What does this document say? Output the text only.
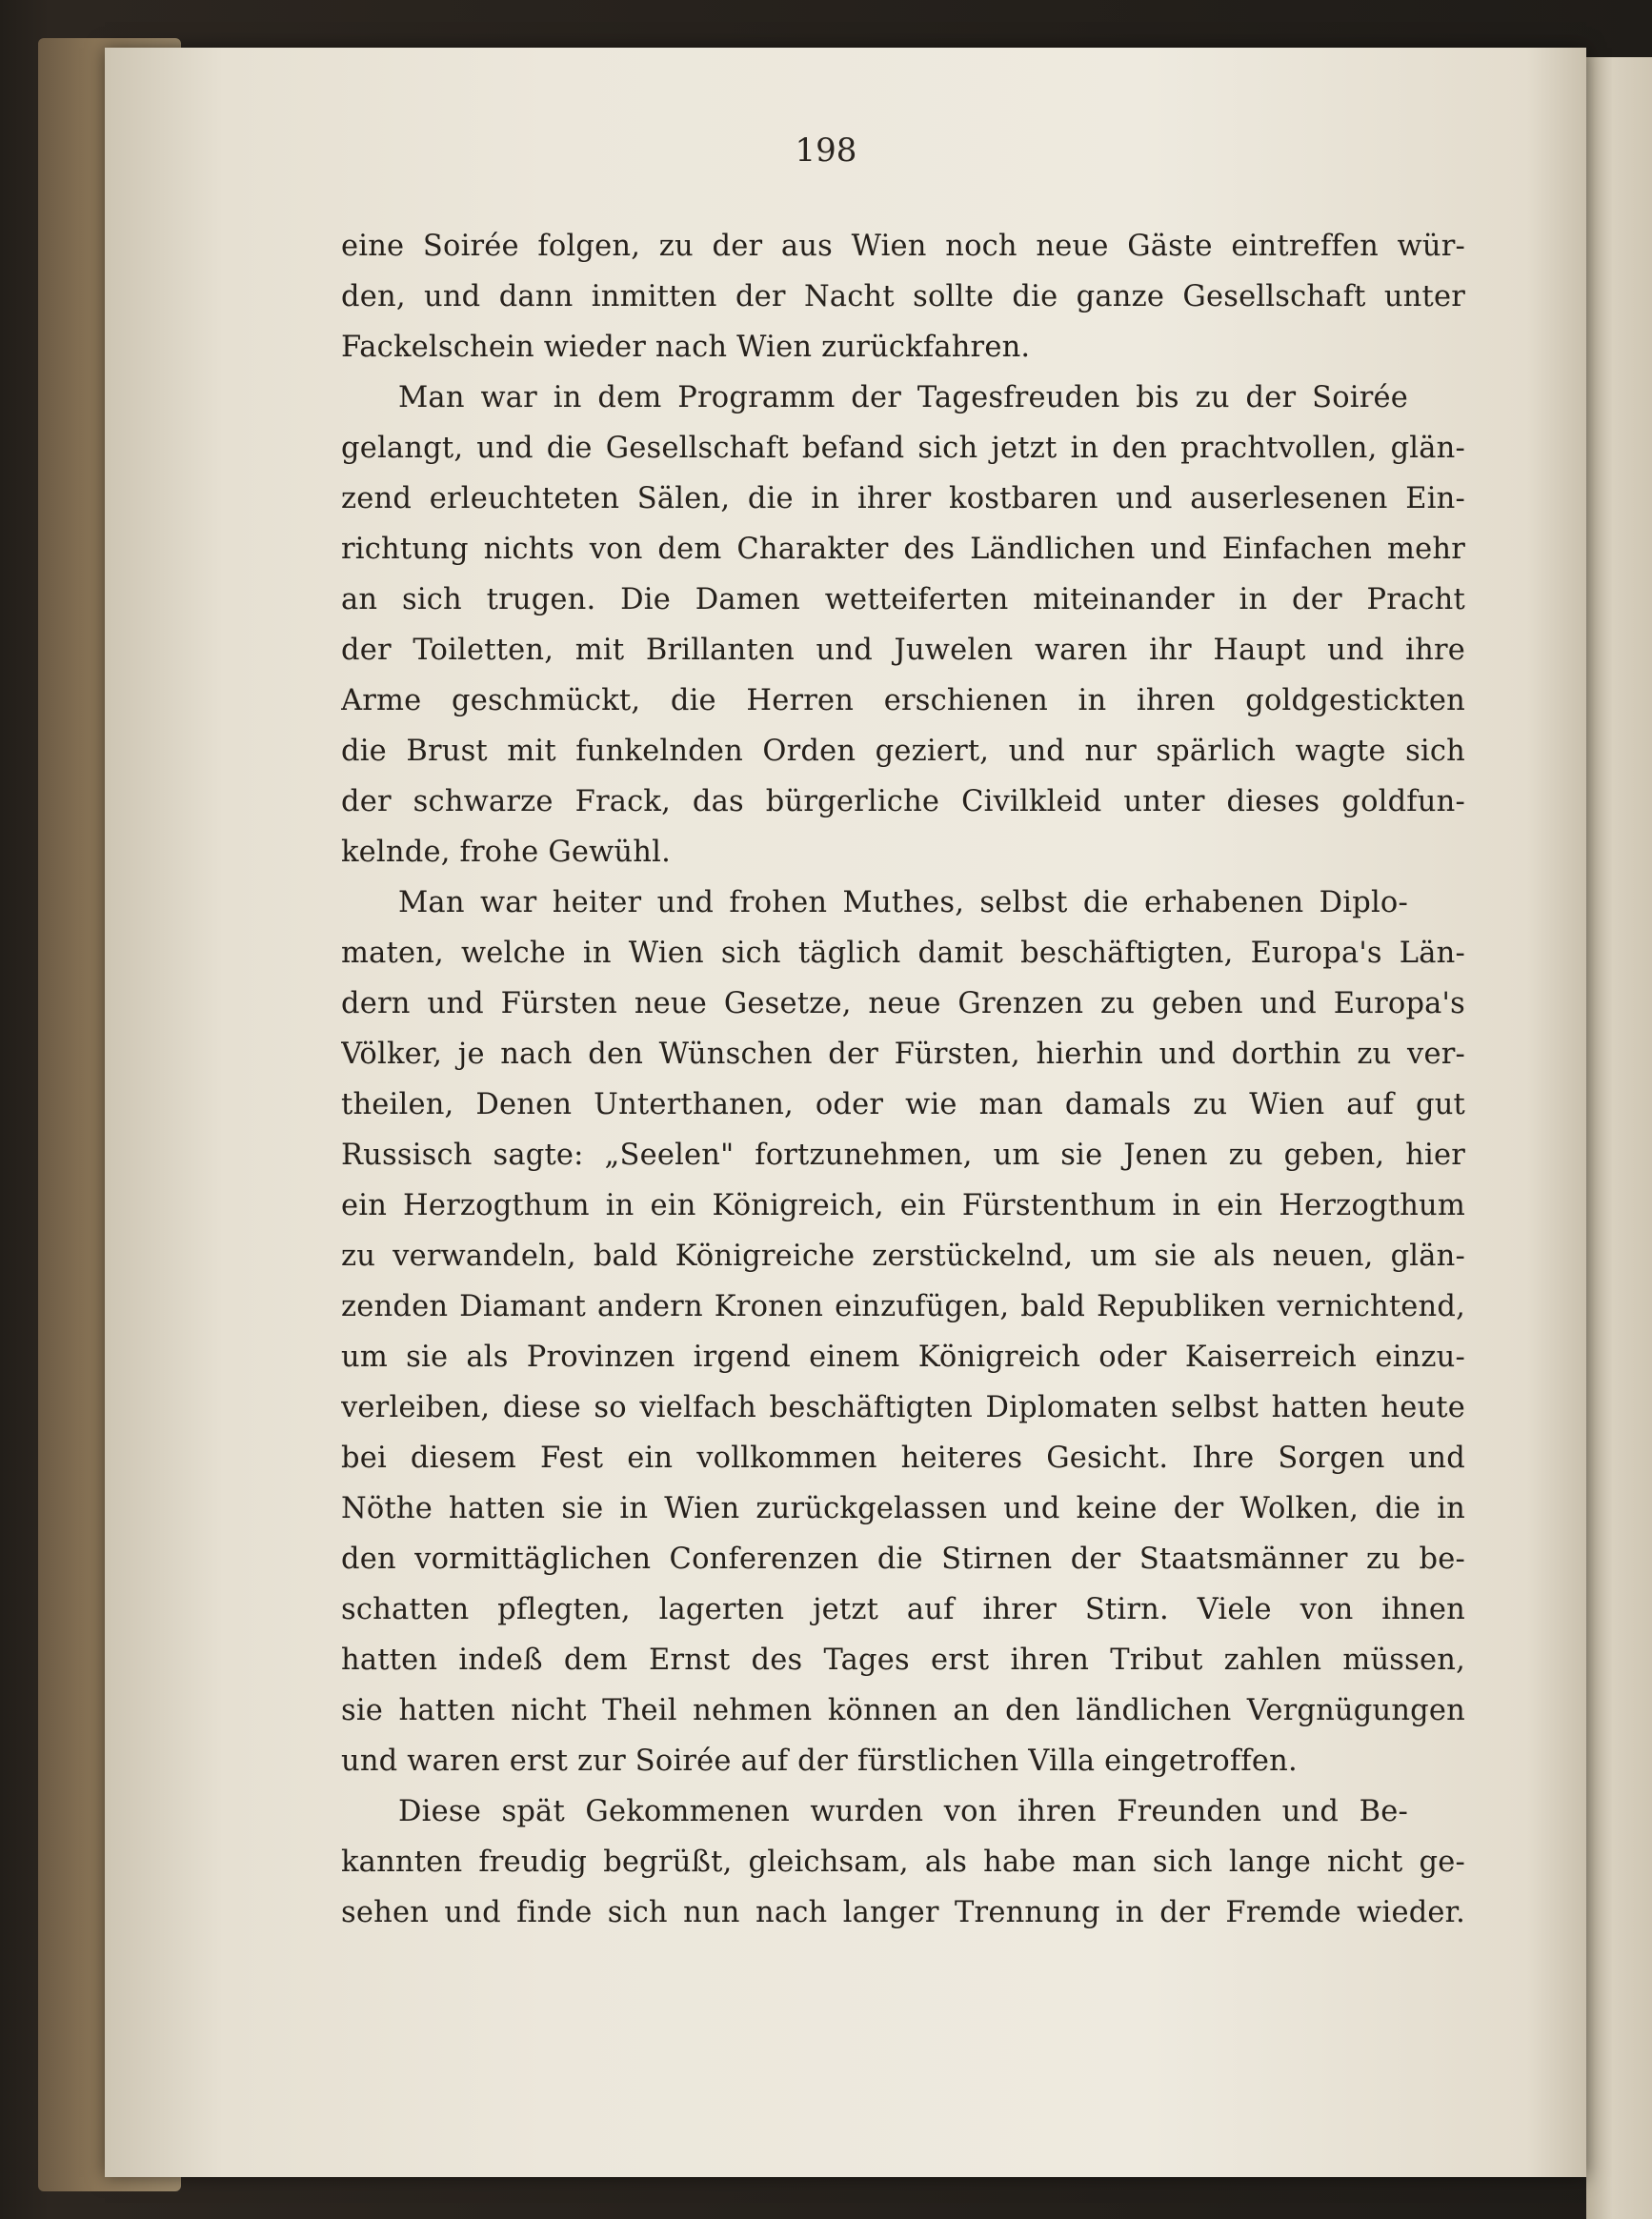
198
eine Soirée folgen, zu der aus Wien noch neue Gäste eintreffen wür-
den, und dann inmitten der Nacht sollte die ganze Gesellschaft unter
Fackelschein wieder nach Wien zurückfahren.
Man war in dem Programm der Tagesfreuden bis zu der Soirée
gelangt, und die Gesellschaft befand sich jetzt in den prachtvollen, glän-
zend erleuchteten Sälen, die in ihrer kostbaren und auserlesenen Ein-
richtung nichts von dem Charakter des Ländlichen und Einfachen mehr
an sich trugen. Die Damen wetteiferten miteinander in der Pracht
der Toiletten, mit Brillanten und Juwelen waren ihr Haupt und ihre
Arme geschmückt, die Herren erschienen in ihren goldgestickten
die Brust mit funkelnden Orden geziert, und nur spärlich wagte sich
der schwarze Frack, das bürgerliche Civilkleid unter dieses goldfun-
kelnde, frohe Gewühl.
Man war heiter und frohen Muthes, selbst die erhabenen Diplo-
maten, welche in Wien sich täglich damit beschäftigten, Europa's Län-
dern und Fürsten neue Gesetze, neue Grenzen zu geben und Europa's
Völker, je nach den Wünschen der Fürsten, hierhin und dorthin zu ver-
theilen, Denen Unterthanen, oder wie man damals zu Wien auf gut
Russisch sagte: „Seelen" fortzunehmen, um sie Jenen zu geben, hier
ein Herzogthum in ein Königreich, ein Fürstenthum in ein Herzogthum
zu verwandeln, bald Königreiche zerstückelnd, um sie als neuen, glän-
zenden Diamant andern Kronen einzufügen, bald Republiken vernichtend,
um sie als Provinzen irgend einem Königreich oder Kaiserreich einzu-
verleiben, diese so vielfach beschäftigten Diplomaten selbst hatten heute
bei diesem Fest ein vollkommen heiteres Gesicht. Ihre Sorgen und
Nöthe hatten sie in Wien zurückgelassen und keine der Wolken, die in
den vormittäglichen Conferenzen die Stirnen der Staatsmänner zu be-
schatten pflegten, lagerten jetzt auf ihrer Stirn. Viele von ihnen
hatten indeß dem Ernst des Tages erst ihren Tribut zahlen müssen,
sie hatten nicht Theil nehmen können an den ländlichen Vergnügungen
und waren erst zur Soirée auf der fürstlichen Villa eingetroffen.
Diese spät Gekommenen wurden von ihren Freunden und Be-
kannten freudig begrüßt, gleichsam, als habe man sich lange nicht ge-
sehen und finde sich nun nach langer Trennung in der Fremde wieder.
